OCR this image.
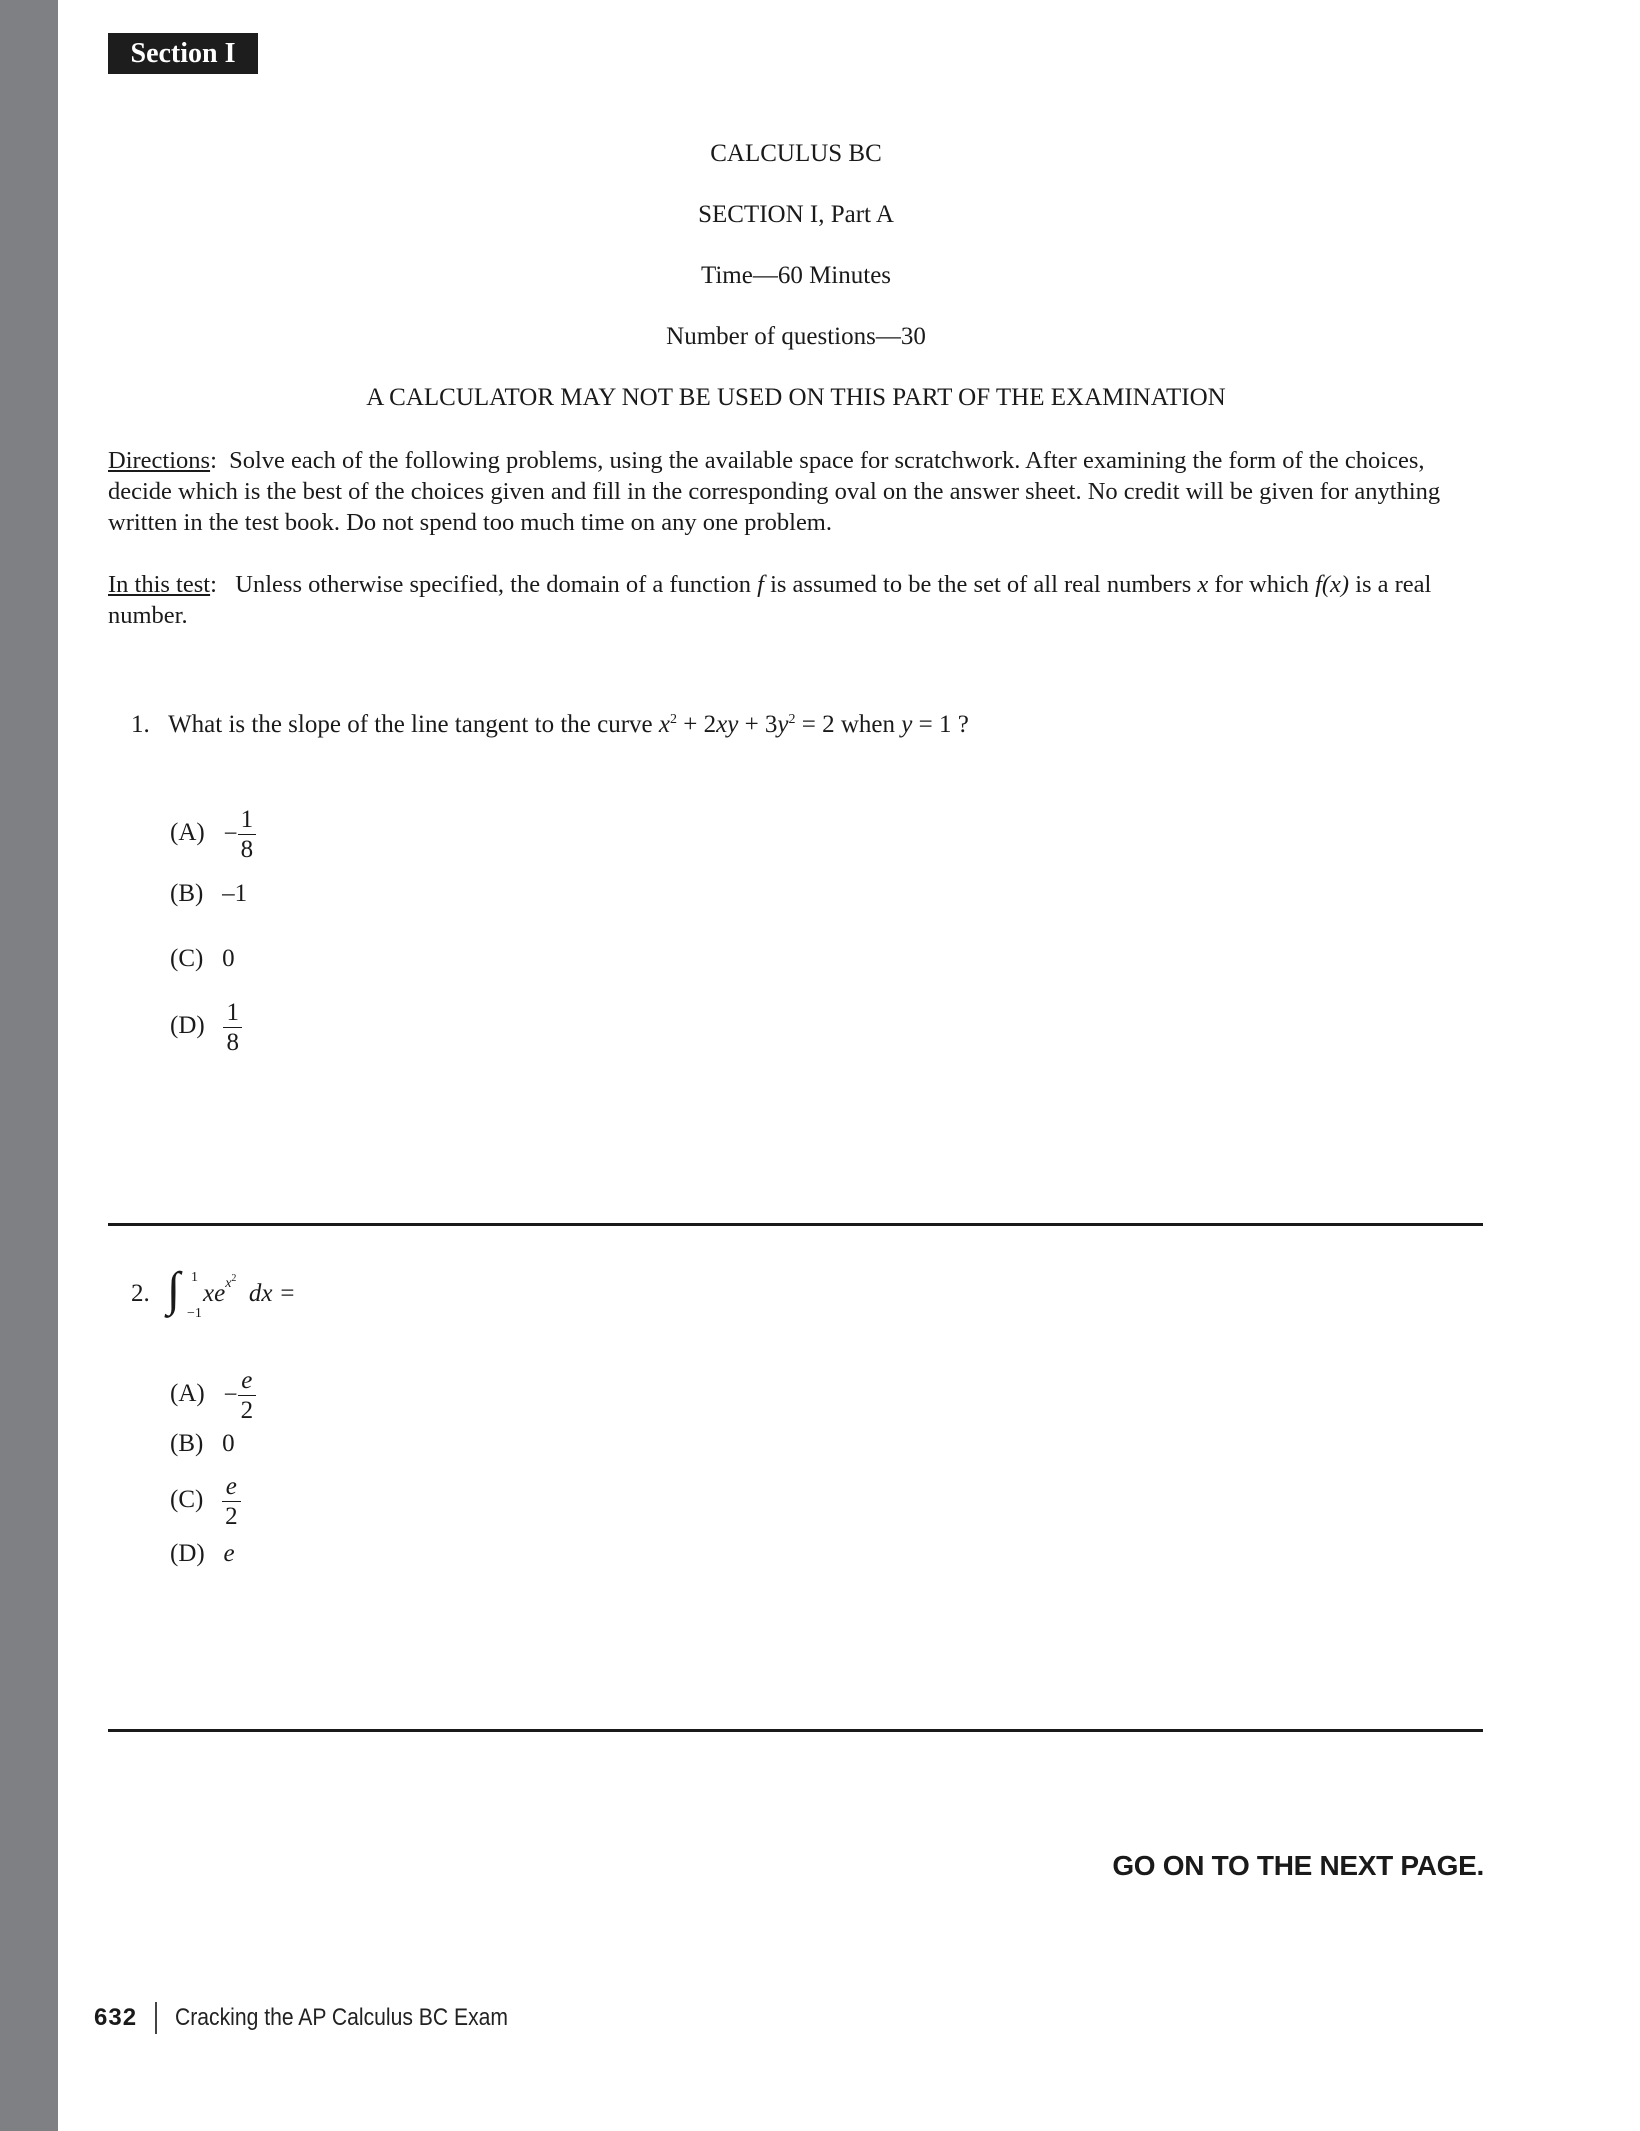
Section I
CALCULUS BC
SECTION I, Part A
Time—60 Minutes
Number of questions—30
A CALCULATOR MAY NOT BE USED ON THIS PART OF THE EXAMINATION
Directions:  Solve each of the following problems, using the available space for scratchwork. After examining the form of the choices, decide which is the best of the choices given and fill in the corresponding oval on the answer sheet. No credit will be given for anything written in the test book. Do not spend too much time on any one problem.
In this test:   Unless otherwise specified, the domain of a function f is assumed to be the set of all real numbers x for which f(x) is a real number.
1. What is the slope of the line tangent to the curve $x^2 + 2xy + 3y^2 = 2$ when y = 1 ?
$(A) - \frac{1}{8}$
(B) –1
(C) 0
$(D) \frac{1}{8}$
2. ∫ 1
−1
$xe^{x^2}$  dx =
$(A) - \frac{e}{2}$
(B) 0
$(C) \frac{e}{2}$
(D) e
GO ON TO THE NEXT PAGE.
632 Cracking the AP Calculus BC Exam
